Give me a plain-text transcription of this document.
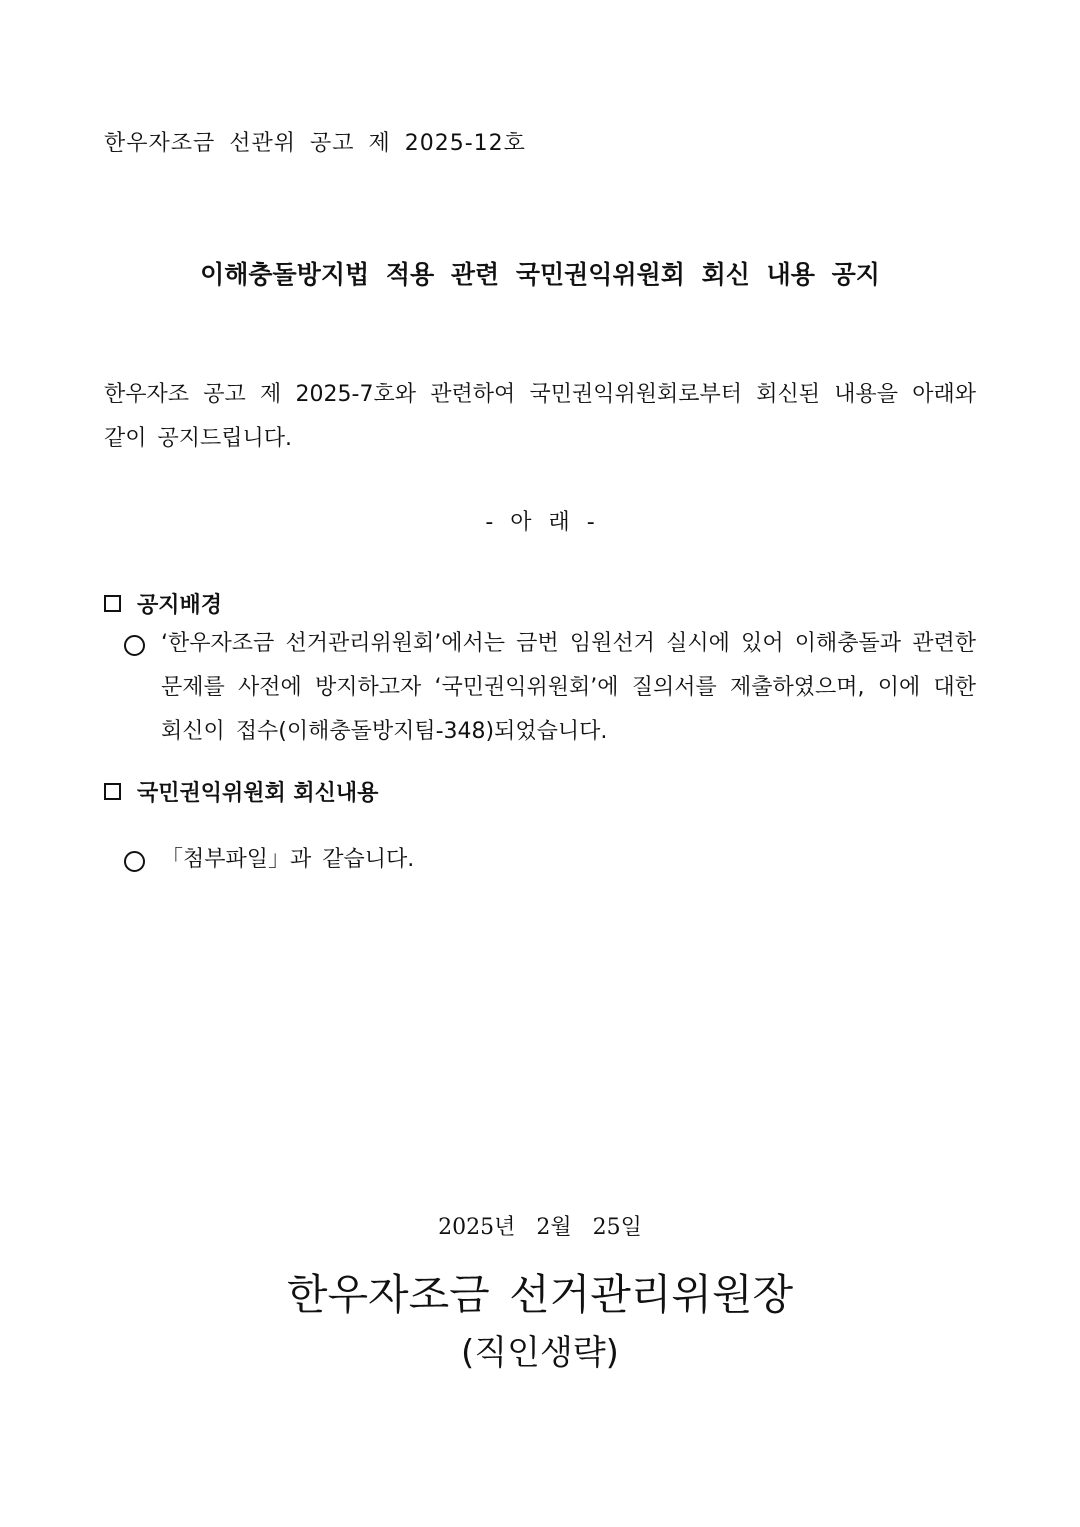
한우자조금 선관위 공고 제 2025-12호
이해충돌방지법 적용 관련 국민권익위원회 회신 내용 공지
한우자조 공고 제 2025-7호와 관련하여 국민권익위원회로부터 회신된 내용을 아래와 같이 공지드립니다.
- 아 래 -
공지배경
‘한우자조금 선거관리위원회’에서는 금번 임원선거 실시에 있어 이해충돌과 관련한 문제를 사전에 방지하고자 ‘국민권익위원회’에 질의서를 제출하였으며, 이에 대한 회신이 접수(이해충돌방지팀-348)되었습니다.
국민권익위원회 회신내용
「첨부파일」과 같습니다.
2025년 2월 25일
한우자조금 선거관리위원장
(직인생략)
